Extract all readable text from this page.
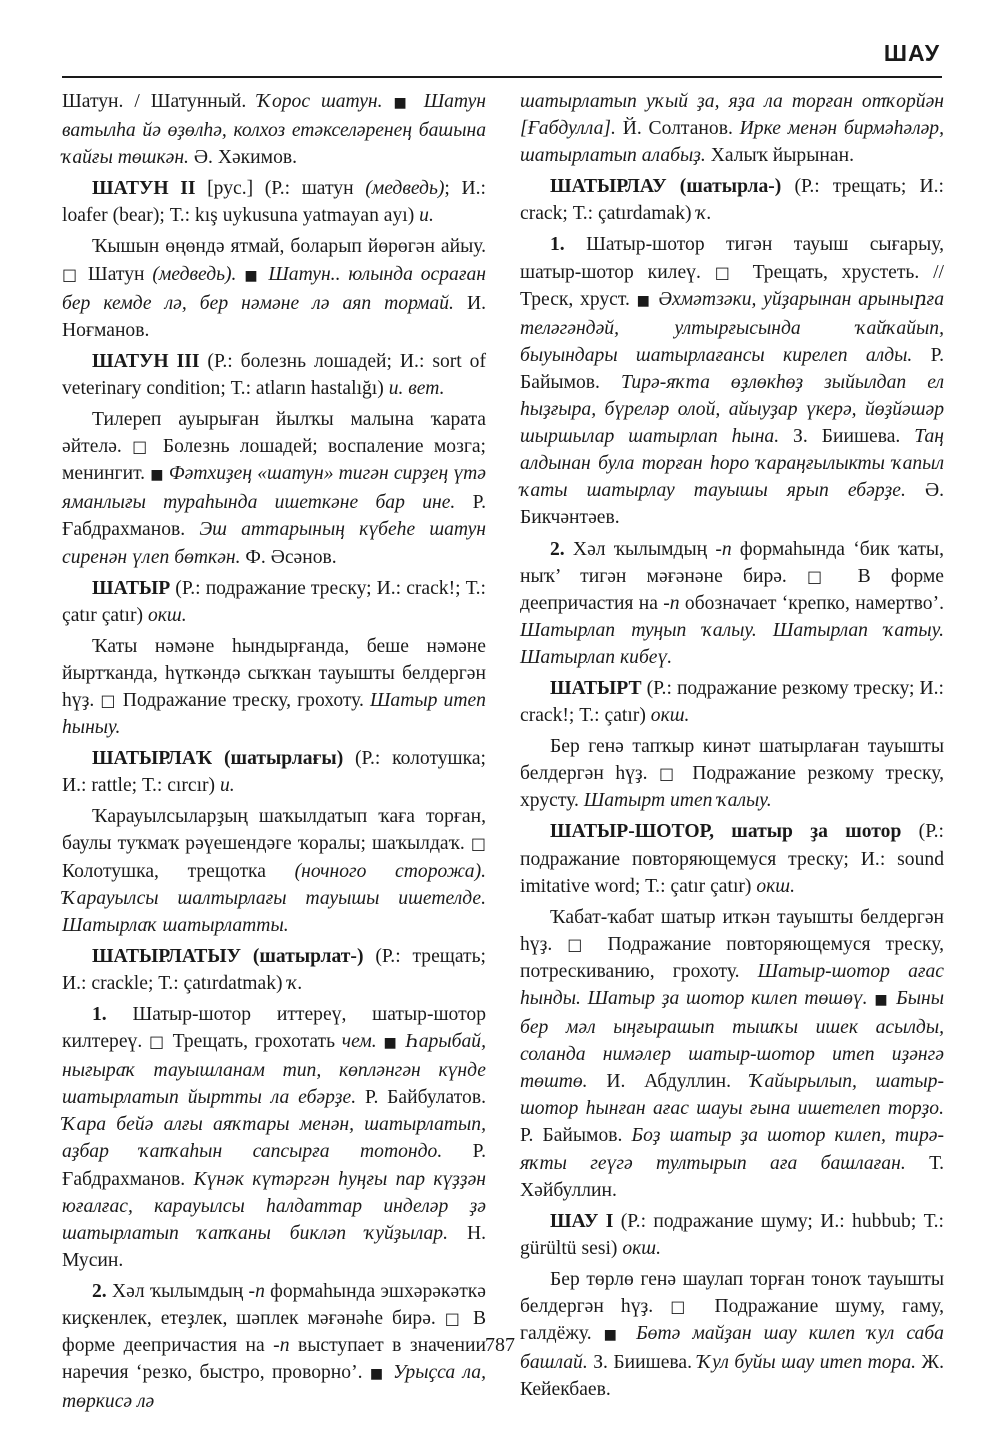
ШАУ

Шатун. / Шатунный. Ҡорос шатун. ■ Шатун ватылһа йә өҙөлһә, колхоз етәкселәренең башына ҡайғы төшкән. Ә. Хәкимов.

ШАТУН II [рус.] (Р.: шатун (медведь); И.: loafer (bear); Т.: kış uykusuna yatmayan ayı) и.

Ҡышын өңөндә ятмай, боларып йөрөгән айыу. □ Шатун (медведь). ■ Шатун.. юлында осраған бер кемде лә, бер нәмәне лә аяп тормай. И. Ноғманов.

ШАТУН III (Р.: болезнь лошадей; И.: sort of veterinary condition; Т.: atların hastalığı) и. вет.

Тилереп ауырыған йылҡы малына ҡарата әйтелә. □ Болезнь лошадей; воспаление мозга; менингит. ■ Фәтхиҙең «шатун» тигән сирҙең үтә яманлығы тураһында ишеткәне бар ине. Р. Ғабдрахманов. Эш аттарының күбеһе шатун сиренән үлеп бөткән. Ф. Әсәнов.

ШАТЫР (Р.: подражание треску; И.: crack!; Т.: çatır çatır) окш.

Ҡаты нәмәне һындырғанда, беше нәмәне йыртҡанда, һүткәндә сыҡҡан тауышты белдергән һүҙ. □ Подражание треску, грохоту. Шатыр итеп һыныу.

ШАТЫРЛАҠ (шатырлағы) (Р.: колотушка; И.: rattle; Т.: cırcır) и.

Ҡарауылсыларҙың шаҡылдатып ҡаға торған, баулы туҡмаҡ рәүешендәге ҡоралы; шаҡылдаҡ. □ Колотушка, трещотка (ночного сторожа). Ҡарауылсы шалтырлағы тауышы ишетелде. Шатырлаҡ шатырлатты.

ШАТЫРЛАТЫУ (шатырлат-) (Р.: трещать; И.: crackle; Т.: çatırdatmak) ҡ.

1. Шатыр-шотор иттереү, шатыр-шотор килтереү. □ Трещать, грохотать чем. ■ Һарыбай, нығыраҡ тауышланам тип, көпләнгән күнде шатырлатып йыртты ла ебәрҙе. Р. Байбулатов. Ҡара бейә алғы аяҡтары менән, шатырлатып, аҙбар ҡапҡаһын сапсырға тотондо. Р. Ғабдрахманов. Күнәк күтәргән һуңғы пар күҙҙән юғалғас, карауылсы һалдаттар инделәр ҙә шатырлатып ҡапҡаны бикләп ҡуйҙылар. Н. Мусин.

2. Хәл ҡылымдың -п формаһында эшхәрәкәткә киҫкенлек, етеҙлек, шәплек мәғәнәһе бирә. □ В форме деепричастия на -п выступает в значении наречия ‘резко, быстро, проворно’. ■ Урыҫса ла, төркисә лә

шатырлатып уҡый ҙа, яҙа ла торған отҡорйән [Ғабдулла]. Й. Солтанов. Ирке менән бирмәһәләр, шатырлатып алабыҙ. Халыҡ йырынан.

ШАТЫРЛАУ (шатырла-) (Р.: трещать; И.: crack; Т.: çatırdamak) ҡ.

1. Шатыр-шотор тигән тауыш сығарыу, шатыр-шотор килеү. □ Трещать, хрустеть. // Треск, хруст. ■ Әхмәтзәки, уйҙарынан арыныրға теләгәндәй, ултырғысында ҡайҡайып, быуындары шатырлағансы кирелеп алды. Р. Байымов. Тирә-яҡта өҙлөкһөҙ зыйылдап ел һыҙғыра, бүреләр олой, айыуҙар үкерә, йөҙйәшәр шыршылар шатырлап һына. З. Биишева. Таң алдынан була торған һоро ҡараңғылыкты ҡапыл ҡаты шатырлау тауышы ярып ебәрҙе. Ә. Бикчәнтәев.

2. Хәл ҡылымдың -п формаһында ‘бик ҡаты, ныҡ’ тигән мәғәнәне бирә. □ В форме деепричастия на -п обозначает ‘крепко, намертво’. Шатырлап туңып ҡалыу. Шатырлап ҡатыу. Шатырлап кибеү.

ШАТЫРТ (Р.: подражание резкому треску; И.: crack!; Т.: çatır) окш.

Бер генә тапҡыр кинәт шатырлаған тауышты белдергән һүҙ. □ Подражание резкому треску, хрусту. Шатырт итеп ҡалыу.

ШАТЫР-ШОТОР, шатыр ҙа шотор (Р.: подражание повторяющемуся треску; И.: sound imitative word; Т.: çatır çatır) окш.

Ҡабат-ҡабат шатыр иткән тауышты белдергән һүҙ. □ Подражание повторяющемуся треску, потрескиванию, грохоту. Шатыр-шотор ағас һынды. Шатыр ҙа шотор килеп төшөү. ■ Быны бер мәл ыңғырашып тышҡы ишек асылды, соланда нимәлер шатыр-шотор итеп иҙәнгә төштө. И. Абдуллин. Ҡайырылып, шатыр-шотор һынған ағас шауы ғына ишетелеп торҙо. Р. Байымов. Боҙ шатыр ҙа шотор килеп, тирә-яҡты геүгә тултырып аға башлаған. Т. Хәйбуллин.

ШАУ I (Р.: подражание шуму; И.: hubbub; Т.: gürültü sesi) окш.

Бер төрлө генә шаулап торған тоноҡ тауышты белдергән һүҙ. □ Подражание шуму, гаму, галдёжу. ■ Бөтә майҙан шау килеп ҡул саба башлай. З. Биишева. Ҡул буйы шау итеп тора. Ж. Кейекбаев.

787
